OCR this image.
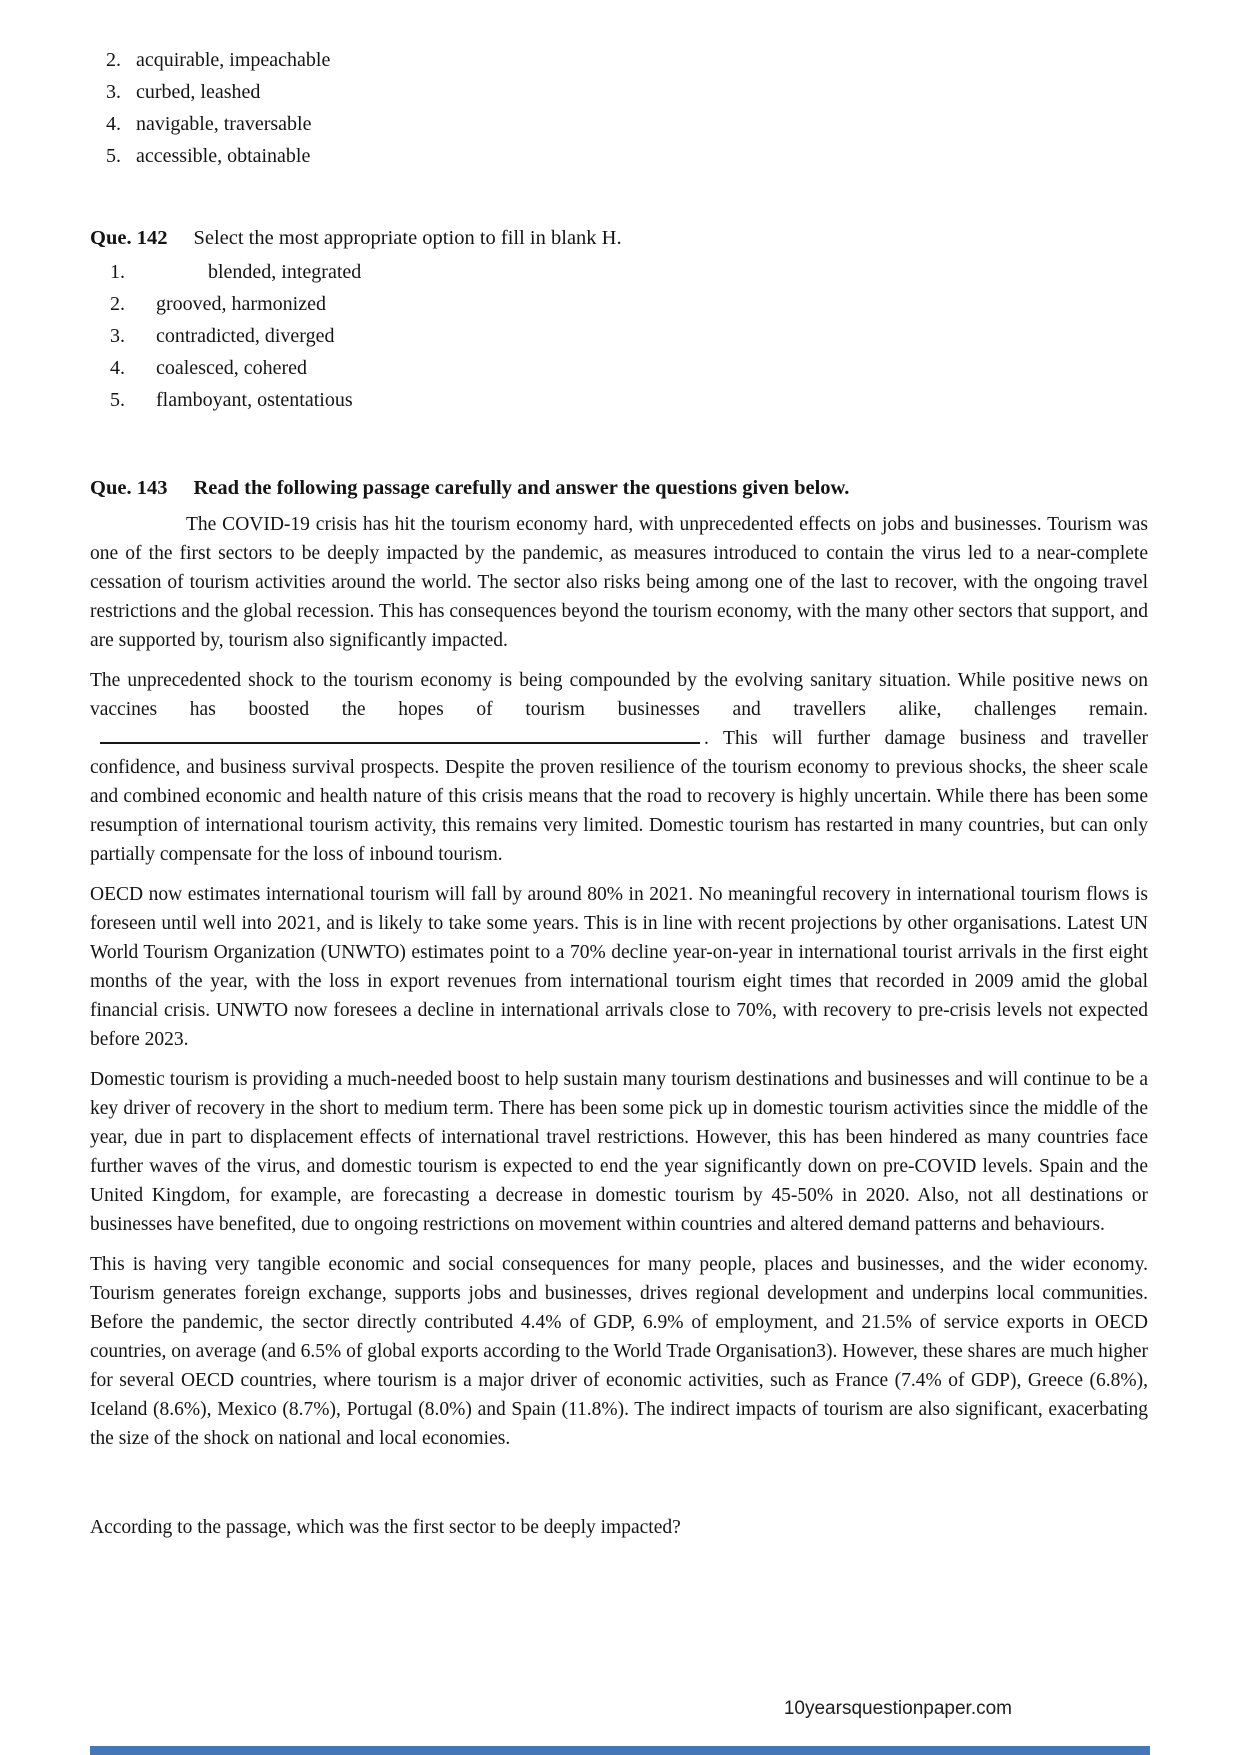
2. acquirable, impeachable
3. curbed, leashed
4. navigable, traversable
5. accessible, obtainable
Que. 142 Select the most appropriate option to fill in blank H.
1.	blended, integrated
2.	grooved, harmonized
3.	contradicted, diverged
4.	coalesced, cohered
5.	flamboyant, ostentatious
Que. 143 Read the following passage carefully and answer the questions given below.

The COVID-19 crisis has hit the tourism economy hard, with unprecedented effects on jobs and businesses. Tourism was one of the first sectors to be deeply impacted by the pandemic, as measures introduced to contain the virus led to a near-complete cessation of tourism activities around the world. The sector also risks being among one of the last to recover, with the ongoing travel restrictions and the global recession. This has consequences beyond the tourism economy, with the many other sectors that support, and are supported by, tourism also significantly impacted.

The unprecedented shock to the tourism economy is being compounded by the evolving sanitary situation. While positive news on vaccines has boosted the hopes of tourism businesses and travellers alike, challenges remain.. This will further damage business and traveller confidence, and business survival prospects. Despite the proven resilience of the tourism economy to previous shocks, the sheer scale and combined economic and health nature of this crisis means that the road to recovery is highly uncertain. While there has been some resumption of international tourism activity, this remains very limited. Domestic tourism has restarted in many countries, but can only partially compensate for the loss of inbound tourism.

OECD now estimates international tourism will fall by around 80% in 2021. No meaningful recovery in international tourism flows is foreseen until well into 2021, and is likely to take some years. This is in line with recent projections by other organisations. Latest UN World Tourism Organization (UNWTO) estimates point to a 70% decline year-on-year in international tourist arrivals in the first eight months of the year, with the loss in export revenues from international tourism eight times that recorded in 2009 amid the global financial crisis. UNWTO now foresees a decline in international arrivals close to 70%, with recovery to pre-crisis levels not expected before 2023.

Domestic tourism is providing a much-needed boost to help sustain many tourism destinations and businesses and will continue to be a key driver of recovery in the short to medium term. There has been some pick up in domestic tourism activities since the middle of the year, due in part to displacement effects of international travel restrictions. However, this has been hindered as many countries face further waves of the virus, and domestic tourism is expected to end the year significantly down on pre-COVID levels. Spain and the United Kingdom, for example, are forecasting a decrease in domestic tourism by 45-50% in 2020. Also, not all destinations or businesses have benefited, due to ongoing restrictions on movement within countries and altered demand patterns and behaviours.

This is having very tangible economic and social consequences for many people, places and businesses, and the wider economy. Tourism generates foreign exchange, supports jobs and businesses, drives regional development and underpins local communities. Before the pandemic, the sector directly contributed 4.4% of GDP, 6.9% of employment, and 21.5% of service exports in OECD countries, on average (and 6.5% of global exports according to the World Trade Organisation3). However, these shares are much higher for several OECD countries, where tourism is a major driver of economic activities, such as France (7.4% of GDP), Greece (6.8%), Iceland (8.6%), Mexico (8.7%), Portugal (8.0%) and Spain (11.8%). The indirect impacts of tourism are also significant, exacerbating the size of the shock on national and local economies.

According to the passage, which was the first sector to be deeply impacted?
10yearsquestionpaper.com
